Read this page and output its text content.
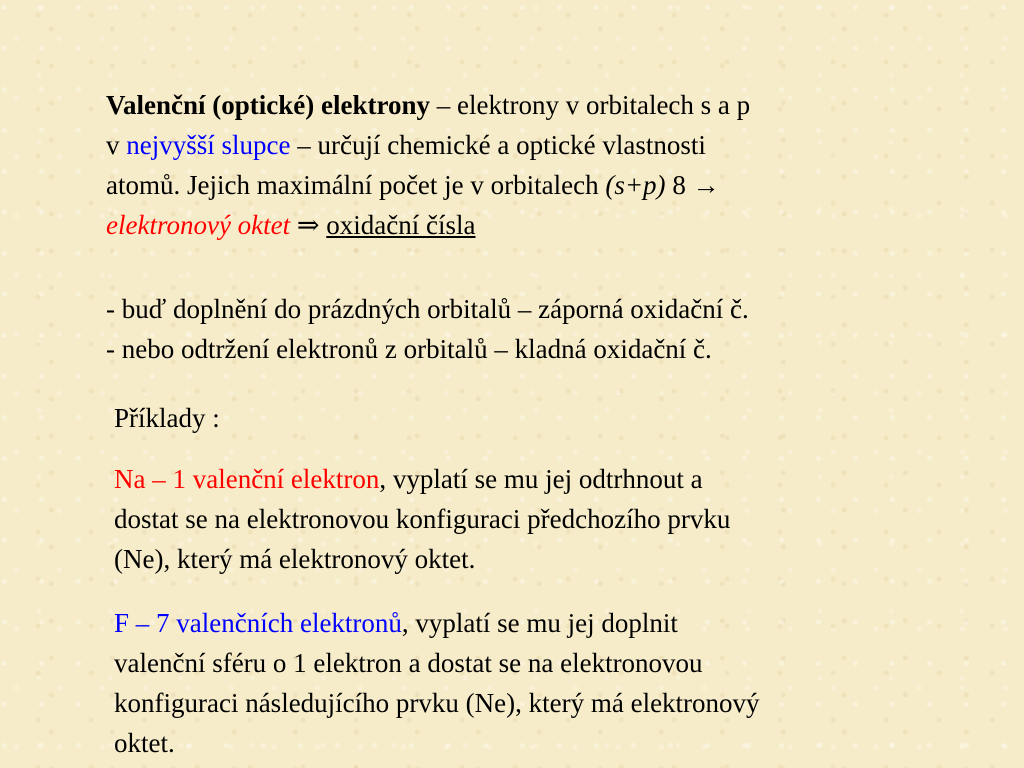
Valenční (optické) elektrony – elektrony v orbitalech s a p
v nejvyšší slupce – určují chemické a optické vlastnosti
atomů. Jejich maximální počet je v orbitalech (s+p) 8 →
elektronový oktet ⇒ oxidační čísla
- buď doplnění do prázdných orbitalů – záporná oxidační č.
- nebo odtržení elektronů z orbitalů – kladná oxidační č.
Příklady :
Na – 1 valenční elektron, vyplatí se mu jej odtrhnout a
dostat se na elektronovou konfiguraci předchozího prvku
(Ne), který má elektronový oktet.
F – 7 valenčních elektronů, vyplatí se mu jej doplnit
valenční sféru o 1 elektron a dostat se na elektronovou
konfiguraci následujícího prvku (Ne), který má elektronový
oktet.
